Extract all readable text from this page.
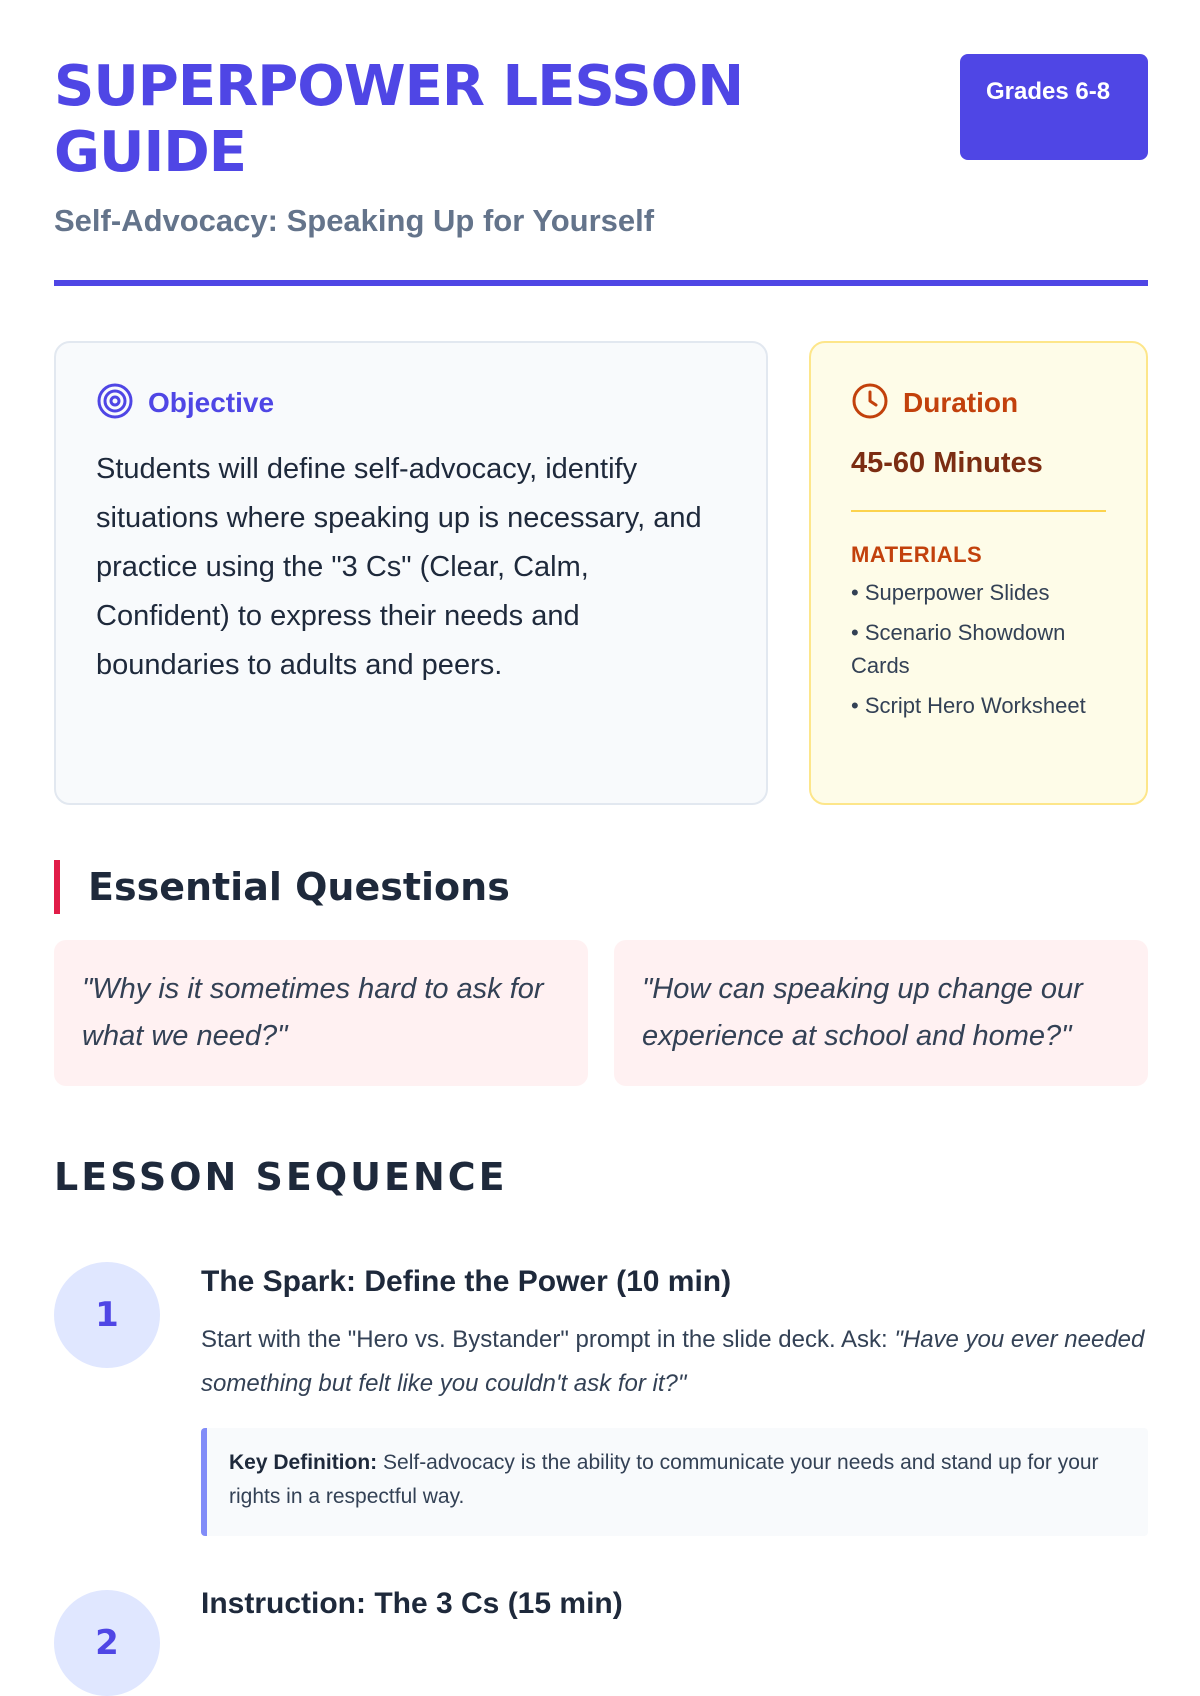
SUPERPOWER LESSON GUIDE
Self-Advocacy: Speaking Up for Yourself
Grades 6-8
Objective

Students will define self-advocacy, identify situations where speaking up is necessary, and practice using the "3 Cs" (Clear, Calm, Confident) to express their needs and boundaries to adults and peers.

Duration
45-60 Minutes
MATERIALS
• Superpower Slides
• Scenario Showdown Cards
• Script Hero Worksheet
Essential Questions
"Why is it sometimes hard to ask for what we need?"
"How can speaking up change our experience at school and home?"
LESSON SEQUENCE
1
The Spark: Define the Power (10 min)

Start with the "Hero vs. Bystander" prompt in the slide deck. Ask: "Have you ever needed something but felt like you couldn't ask for it?"

Key Definition: Self-advocacy is the ability to communicate your needs and stand up for your rights in a respectful way.
2
Instruction: The 3 Cs (15 min)
